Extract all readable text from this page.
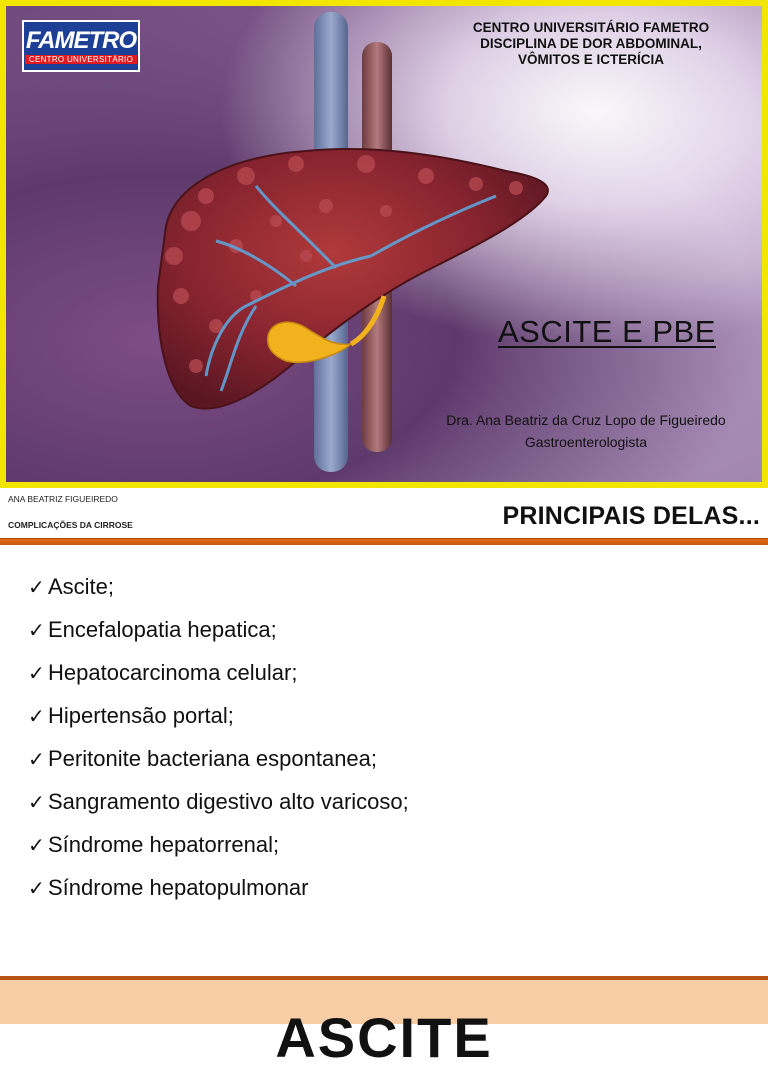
FAMETRO
CENTRO UNIVERSITÁRIO
CENTRO UNIVERSITÁRIO FAMETRO
DISCIPLINA DE DOR ABDOMINAL,
VÔMITOS E ICTERÍCIA
ASCITE E PBE
Dra. Ana Beatriz da Cruz Lopo de Figueiredo
Gastroenterologista
ANA BEATRIZ FIGUEIREDO
COMPLICAÇÕES DA CIRROSE	PRINCIPAIS DELAS...
✓ Ascite;
✓ Encefalopatia hepatica;
✓ Hepatocarcinoma celular;
✓ Hipertensão portal;
✓ Peritonite bacteriana espontanea;
✓ Sangramento digestivo alto varicoso;
✓ Síndrome hepatorrenal;
✓ Síndrome hepatopulmonar
ASCITE
